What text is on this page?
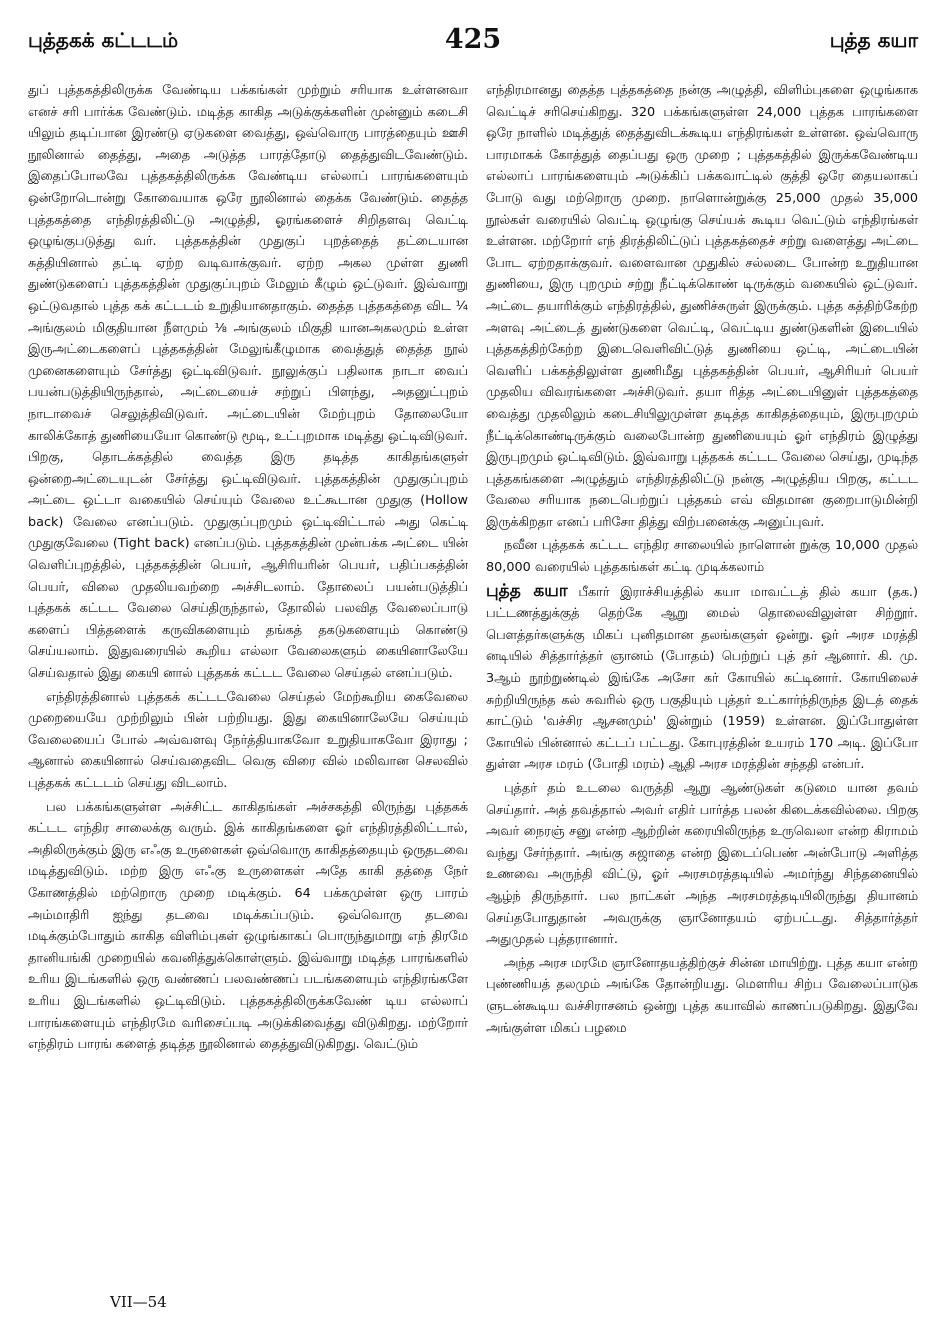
புத்தகக் கட்டடம்	425	புத்த கயா

துப் புத்தகத்திலிருக்க வேண்டிய பக்கங்கள் முற்றும் சரியாக உள்ளனவா எனச் சரி பார்க்க வேண்டும். மடித்த காகித அடுக்குக்களின் முன்னும் கடைசி யிலும் தடிப்பான இரண்டு ஏடுகளை வைத்து, ஒவ்வொரு பாரத்தையும் ஊசி நூலினால் தைத்து, அதை அடுத்த பாரத்தோடு தைத்துவிடவேண்டும். இதைப்போலவே புத்தகத்திலிருக்க வேண்டிய எல்லாப் பாரங்களையும் ஒன்றோடொன்று கோவையாக ஒரே நூலினால் தைக்க வேண்டும். தைத்த புத்தகத்தை எந்திரத்திலிட்டு அழுத்தி, ஓரங்களைச் சிறிதளவு வெட்டி ஒழுங்குபடுத்து வர். புத்தகத்தின் முதுகுப் புறத்தைத் தட்டையான சுத்தியினால் தட்டி ஏற்ற வடிவாக்குவர். ஏற்ற அகல முள்ள துணி துண்டுகளைப் புத்தகத்தின் முதுகுப்புறம் மேலும் கீழும் ஒட்டுவர். இவ்வாறு ஒட்டுவதால் புத்த கக் கட்டடம் உறுதியானதாகும். தைத்த புத்தகத்தை விட ¼ அங்குலம் மிகுதியான நீளமும் ⅛ அங்குலம் மிகுதி யானஅகலமும் உள்ள இருஅட்டைகளைப் புத்தகத்தின் மேலுங்கீழுமாக வைத்துத் தைத்த நூல் முனைகளையும் சேர்த்து ஒட்டிவிடுவர். நூலுக்குப் பதிலாக நாடா வைப் பயன்படுத்தியிருந்தால், அட்டையைச் சற்றுப் பிளந்து, அதனுட்புறம் நாடாவைச் செலுத்திவிடுவர். அட்டையின் மேற்புறம் தோலையோ காலிக்கோத் துணியையோ கொண்டு மூடி, உட்புறமாக மடித்து ஒட்டிவிடுவர். பிறகு, தொடக்கத்தில் வைத்த இரு தடித்த காகிதங்களுள் ஒன்றைஅட்டையுடன் சேர்த்து ஒட்டிவிடுவர். புத்தகத்தின் முதுகுப்புறம் அட்டை ஒட்டா வகையில் செய்யும் வேலை உட்கூடான முதுகு (Hollow back) வேலை எனப்படும். முதுகுப்புறமும் ஒட்டிவிட்டால் அது கெட்டி முதுகுவேலை (Tight back) எனப்படும். புத்தகத்தின் முன்பக்க அட்டை யின் வெளிப்புறத்தில், புத்தகத்தின் பெயர், ஆசிரியரின் பெயர், பதிப்பகத்தின் பெயர், விலை முதலியவற்றை அச்சிடலாம். தோலைப் பயன்படுத்திப் புத்தகக் கட்டட வேலை செய்திருந்தால், தோலில் பலவித வேலைப்பாடு களைப் பித்தளைக் கருவிகளையும் தங்கத் தகடுகளையும் கொண்டு செய்யலாம். இதுவரையில் கூறிய எல்லா வேலைகளும் கையினாலேயே செய்வதால் இது கையி னால் புத்தகக் கட்டட வேலை செய்தல் எனப்படும்.

எந்திரத்தினால் புத்தகக் கட்டடவேலை செய்தல் மேற்கூறிய கைவேலை முறையையே முற்றிலும் பின் பற்றியது. இது கையினாலேயே செய்யும் வேலையைப் போல் அவ்வளவு நேர்த்தியாகவோ உறுதியாகவோ இராது ; ஆனால் கையினால் செய்வதைவிட வெகு விரை வில் மலிவான செலவில் புத்தகக் கட்டடம் செய்து விடலாம்.

பல பக்கங்களுள்ள அச்சிட்ட காகிதங்கள் அச்சகத்தி லிருந்து புத்தகக் கட்டட எந்திர சாலைக்கு வரும். இக் காகிதங்களை ஓர் எந்திரத்திலிட்டால், அதிலிருக்கும் இரு எஃகு உருளைகள் ஒவ்வொரு காகிதத்தையும் ஒருதடவை மடித்துவிடும். மற்ற இரு எஃகு உருளைகள் அதே காகி தத்தை நேர் கோணத்தில் மற்றொரு முறை மடிக்கும். 64 பக்கமுள்ள ஒரு பாரம் அம்மாதிரி ஐந்து தடவை மடிக்கப்படும். ஒவ்வொரு தடவை மடிக்கும்போதும் காகித விளிம்புகள் ஒழுங்காகப் பொருந்துமாறு எந் திரமே தானியங்கி முறையில் கவனித்துக்கொள்ளும். இவ்வாறு மடித்த பாரங்களில் உரிய இடங்களில் ஒரு வண்ணப் பலவண்ணப் படங்களையும் எந்திரங்களே உரிய இடங்களில் ஒட்டிவிடும். புத்தகத்திலிருக்கவேண் டிய எல்லாப் பாரங்களையும் எந்திரமே வரிசைப்படி அடுக்கிவைத்து விடுகிறது. மற்றோர் எந்திரம் பாரங் களைத் தடித்த நூலினால் தைத்துவிடுகிறது. வெட்டும்

எந்திரமானது தைத்த புத்தகத்தை நன்கு அழுத்தி, விளிம்புகளை ஒழுங்காக வெட்டிச் சரிசெய்கிறது. 320 பக்கங்களுள்ள 24,000 புத்தக பாரங்களை ஒரே நாளில் மடித்துத் தைத்துவிடக்கூடிய எந்திரங்கள் உள்ளன. ஒவ்வொரு பாரமாகக் கோத்துத் தைப்பது ஒரு முறை ; புத்தகத்தில் இருக்கவேண்டிய எல்லாப் பாரங்களையும் அடுக்கிப் பக்கவாட்டில் குத்தி ஒரே தையலாகப் போடு வது மற்றொரு முறை. நாளொன்றுக்கு 25,000 முதல் 35,000 நூல்கள் வரையில் வெட்டி ஒழுங்கு செய்யக் கூடிய வெட்டும் எந்திரங்கள் உள்ளன. மற்றோர் எந் திரத்திலிட்டுப் புத்தகத்தைச் சற்று வளைத்து அட்டை போட ஏற்றதாக்குவர். வளைவான முதுகில் சல்லடை போன்ற உறுதியான துணியை, இரு புறமும் சற்று நீட்டிக்கொண் டிருக்கும் வகையில் ஒட்டுவர். அட்டை தயாரிக்கும் எந்திரத்தில், துணிச்சுருள் இருக்கும். புத்த கத்திற்கேற்ற அளவு அட்டைத் துண்டுகளை வெட்டி, வெட்டிய துண்டுகளின் இடையில் புத்தகத்திற்கேற்ற இடைவெளிவிட்டுத் துணியை ஒட்டி, அட்டையின் வெளிப் பக்கத்திலுள்ள துணிமீது புத்தகத்தின் பெயர், ஆசிரியர் பெயர் முதலிய விவரங்களை அச்சிடுவர். தயா ரித்த அட்டையினுள் புத்தகத்தை வைத்து முதலிலும் கடைசியிலுமுள்ள தடித்த காகிதத்தையும், இருபுறமும் நீட்டிக்கொண்டிருக்கும் வலைபோன்ற துணியையும் ஓர் எந்திரம் இழுத்து இருபுறமும் ஒட்டிவிடும். இவ்வாறு புத்தகக் கட்டட வேலை செய்து, முடிந்த புத்தகங்களை அழுத்தும் எந்திரத்திலிட்டு நன்கு அழுத்திய பிறகு, கட்டட வேலை சரியாக நடைபெற்றுப் புத்தகம் எவ் விதமான குறைபாடுமின்றி இருக்கிறதா எனப் பரிசோ தித்து விற்பனைக்கு அனுப்புவர்.

நவீன புத்தகக் கட்டட எந்திர சாலையில் நாளொன் றுக்கு 10,000 முதல் 80,000 வரையில் புத்தகங்கள் கட்டி முடிக்கலாம்

புத்த கயா பீகார் இராச்சியத்தில் கயா மாவட்டத் தில் கயா (தக.) பட்டணத்துக்குத் தெற்கே ஆறு மைல் தொலைவிலுள்ள சிற்றூர். பௌத்தர்களுக்கு மிகப் புனிதமான தலங்களுள் ஒன்று. ஓர் அரச மரத்தி னடியில் சித்தார்த்தர் ஞானம் (போதம்) பெற்றுப் புத் தர் ஆனார். கி. மு. 3ஆம் நூற்றுண்டில் இங்கே அசோ கர் கோயில் கட்டினார். கோயிலைச் சுற்றியிருந்த கல் சுவரில் ஒரு பகுதியும் புத்தர் உட்கார்ந்திருந்த இடத் தைக் காட்டும் 'வச்சிர ஆசனமும்' இன்றும் (1959) உள்ளன. இப்போதுள்ள கோயில் பின்னால் கட்டப் பட்டது. கோபுரத்தின் உயரம் 170 அடி. இப்போ துள்ள அரச மரம் (போதி மரம்) ஆதி அரச மரத்தின் சந்ததி என்பர்.

புத்தர் தம் உடலை வருத்தி ஆறு ஆண்டுகள் கடுமை யான தவம் செய்தார். அத் தவத்தால் அவர் எதிர் பார்த்த பலன் கிடைக்கவில்லை. பிறகு அவர் நைரஞ் சனு என்ற ஆற்றின் கரையிலிருந்த உருவெலா என்ற கிராமம் வந்து சேர்ந்தார். அங்கு சுஜாதை என்ற இடைப்பெண் அன்போடு அளித்த உணவை அருந்தி விட்டு, ஓர் அரசமரத்தடியில் அமர்ந்து சிந்தனையில் ஆழ்ந் திருந்தார். பல நாட்கள் அந்த அரசமரத்தடியிலிருந்து தியானம் செய்தபோதுதான் அவருக்கு ஞானோதயம் ஏற்பட்டது. சித்தார்த்தர் அதுமுதல் புத்தரானார்.

அந்த அரச மரமே ஞானோதயத்திற்குச் சின்ன மாயிற்று. புத்த கயா என்ற புண்ணியத் தலமும் அங்கே தோன்றியது. மௌரிய சிற்ப வேலைப்பாடுக ளுடன்கூடிய வச்சிராசனம் ஒன்று புத்த கயாவில் காணப்படுகிறது. இதுவே அங்குள்ள மிகப் பழமை

VII—54
